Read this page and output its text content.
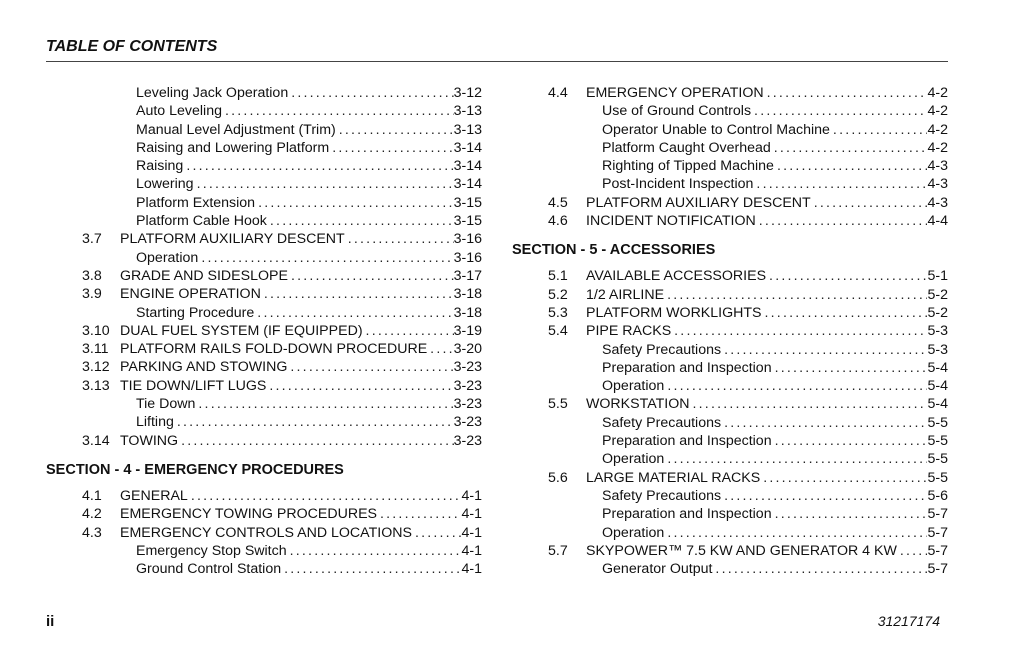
TABLE OF CONTENTS
Leveling Jack Operation .....	3-12
Auto Leveling .....	3-13
Manual Level Adjustment (Trim) .....	3-13
Raising and Lowering Platform .....	3-14
Raising .....	3-14
Lowering .....	3-14
Platform Extension .....	3-15
Platform Cable Hook .....	3-15
3.7 PLATFORM AUXILIARY DESCENT .....	3-16
Operation .....	3-16
3.8 GRADE AND SIDESLOPE .....	3-17
3.9 ENGINE OPERATION .....	3-18
Starting Procedure .....	3-18
3.10 DUAL FUEL SYSTEM (IF EQUIPPED) .....	3-19
3.11 PLATFORM RAILS FOLD-DOWN PROCEDURE ..... 3-20
3.12 PARKING AND STOWING .....	3-23
3.13 TIE DOWN/LIFT LUGS .....	3-23
Tie Down .....	3-23
Lifting .....	3-23
3.14 TOWING .....	3-23
SECTION - 4 - EMERGENCY PROCEDURES
4.1 GENERAL .....	4-1
4.2 EMERGENCY TOWING PROCEDURES .....	4-1
4.3 EMERGENCY CONTROLS AND LOCATIONS .....	4-1
Emergency Stop Switch .....	4-1
Ground Control Station .....	4-1
4.4 EMERGENCY OPERATION .....	4-2
Use of Ground Controls .....	4-2
Operator Unable to Control Machine .....	4-2
Platform Caught Overhead .....	4-2
Righting of Tipped Machine .....	4-3
Post-Incident Inspection .....	4-3
4.5 PLATFORM AUXILIARY DESCENT .....	4-3
4.6 INCIDENT NOTIFICATION .....	4-4
SECTION - 5 - ACCESSORIES
5.1 AVAILABLE ACCESSORIES .....	5-1
5.2 1/2 AIRLINE .....	5-2
5.3 PLATFORM WORKLIGHTS .....	5-2
5.4 PIPE RACKS .....	5-3
Safety Precautions .....	5-3
Preparation and Inspection .....	5-4
Operation .....	5-4
5.5 WORKSTATION .....	5-4
Safety Precautions .....	5-5
Preparation and Inspection .....	5-5
Operation .....	5-5
5.6 LARGE MATERIAL RACKS .....	5-5
Safety Precautions .....	5-6
Preparation and Inspection .....	5-7
Operation .....	5-7
5.7 SKYPOWER™ 7.5 KW AND GENERATOR 4 KW ..... 5-7
Generator Output .....	5-7
ii	31217174
